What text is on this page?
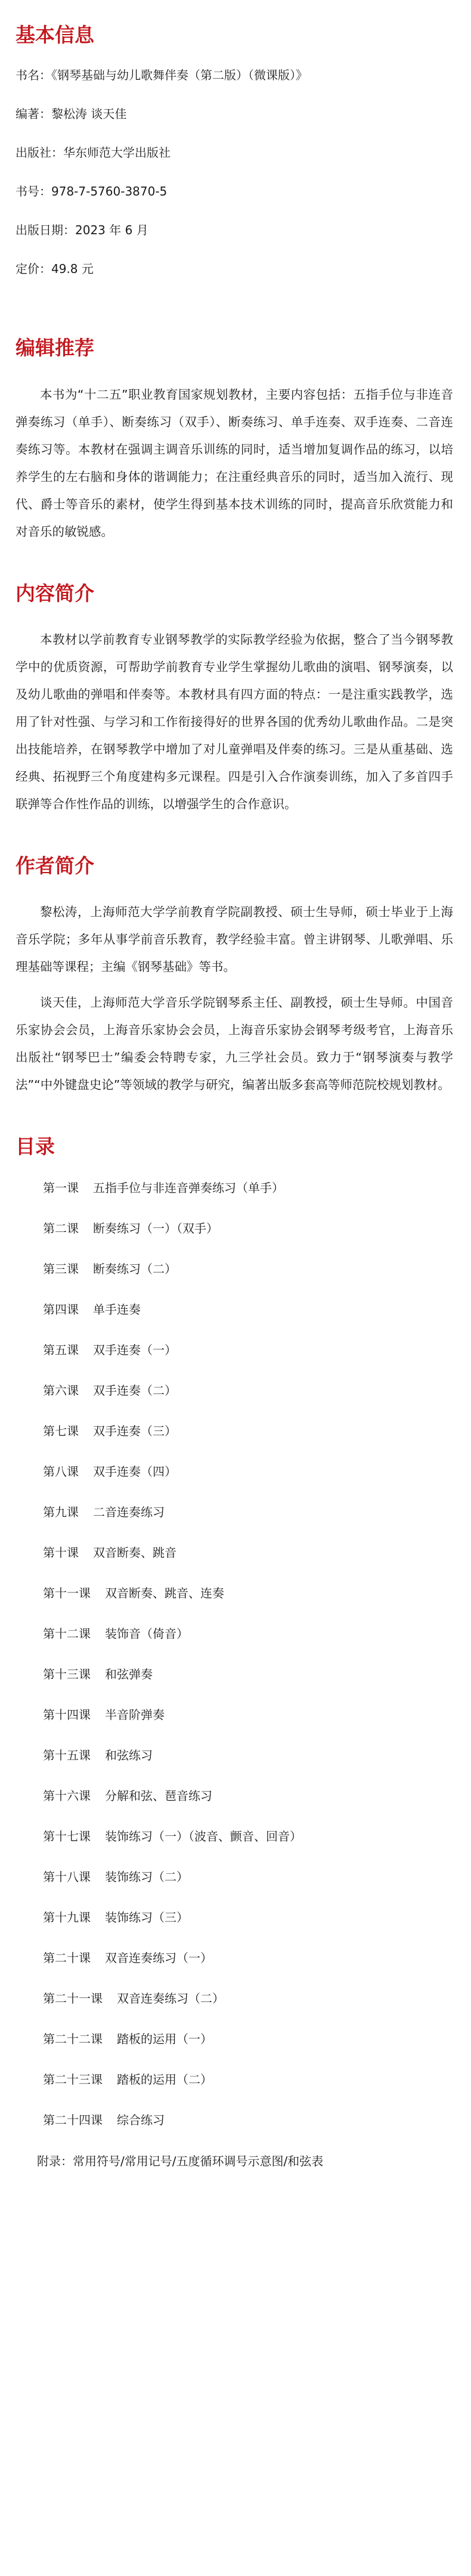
基本信息
书名：《钢琴基础与幼儿歌舞伴奏（第二版）（微课版）》
编著：黎松涛 谈天佳
出版社：华东师范大学出版社
书号：978-7-5760-3870-5
出版日期：2023 年 6 月
定价：49.8 元
编辑推荐

本书为“十二五”职业教育国家规划教材，主要内容包括：五指手位与非连音弹奏练习（单手）、断奏练习（双手）、断奏练习、单手连奏、双手连奏、二音连奏练习等。本教材在强调主调音乐训练的同时，适当增加复调作品的练习，以培养学生的左右脑和身体的谐调能力；在注重经典音乐的同时，适当加入流行、现代、爵士等音乐的素材，使学生得到基本技术训练的同时，提高音乐欣赏能力和对音乐的敏锐感。

内容简介

本教材以学前教育专业钢琴教学的实际教学经验为依据，整合了当今钢琴教学中的优质资源，可帮助学前教育专业学生掌握幼儿歌曲的演唱、钢琴演奏，以及幼儿歌曲的弹唱和伴奏等。本教材具有四方面的特点：一是注重实践教学，选用了针对性强、与学习和工作衔接得好的世界各国的优秀幼儿歌曲作品。二是突出技能培养，在钢琴教学中增加了对儿童弹唱及伴奏的练习。三是从重基础、选经典、拓视野三个角度建构多元课程。四是引入合作演奏训练，加入了多首四手联弹等合作性作品的训练，以增强学生的合作意识。

作者简介

黎松涛，上海师范大学学前教育学院副教授、硕士生导师，硕士毕业于上海音乐学院；多年从事学前音乐教育，教学经验丰富。曾主讲钢琴、儿歌弹唱、乐理基础等课程；主编《钢琴基础》等书。

谈天佳，上海师范大学音乐学院钢琴系主任、副教授，硕士生导师。中国音乐家协会会员，上海音乐家协会会员，上海音乐家协会钢琴考级考官，上海音乐出版社“钢琴巴士”编委会特聘专家，九三学社会员。致力于“钢琴演奏与教学法”“中外键盘史论”等领域的教学与研究，编著出版多套高等师范院校规划教材。

目录
第一课 五指手位与非连音弹奏练习（单手）
第二课 断奏练习（一）（双手）
第三课 断奏练习（二）
第四课 单手连奏
第五课 双手连奏（一）
第六课 双手连奏（二）
第七课 双手连奏（三）
第八课 双手连奏（四）
第九课 二音连奏练习
第十课 双音断奏、跳音
第十一课 双音断奏、跳音、连奏
第十二课 装饰音（倚音）
第十三课 和弦弹奏
第十四课 半音阶弹奏
第十五课 和弦练习
第十六课 分解和弦、琶音练习
第十七课 装饰练习（一）（波音、颤音、回音）
第十八课 装饰练习（二）
第十九课 装饰练习（三）
第二十课 双音连奏练习（一）
第二十一课 双音连奏练习（二）
第二十二课 踏板的运用（一）
第二十三课 踏板的运用（二）
第二十四课 综合练习
附录：常用符号/常用记号/五度循环调号示意图/和弦表
